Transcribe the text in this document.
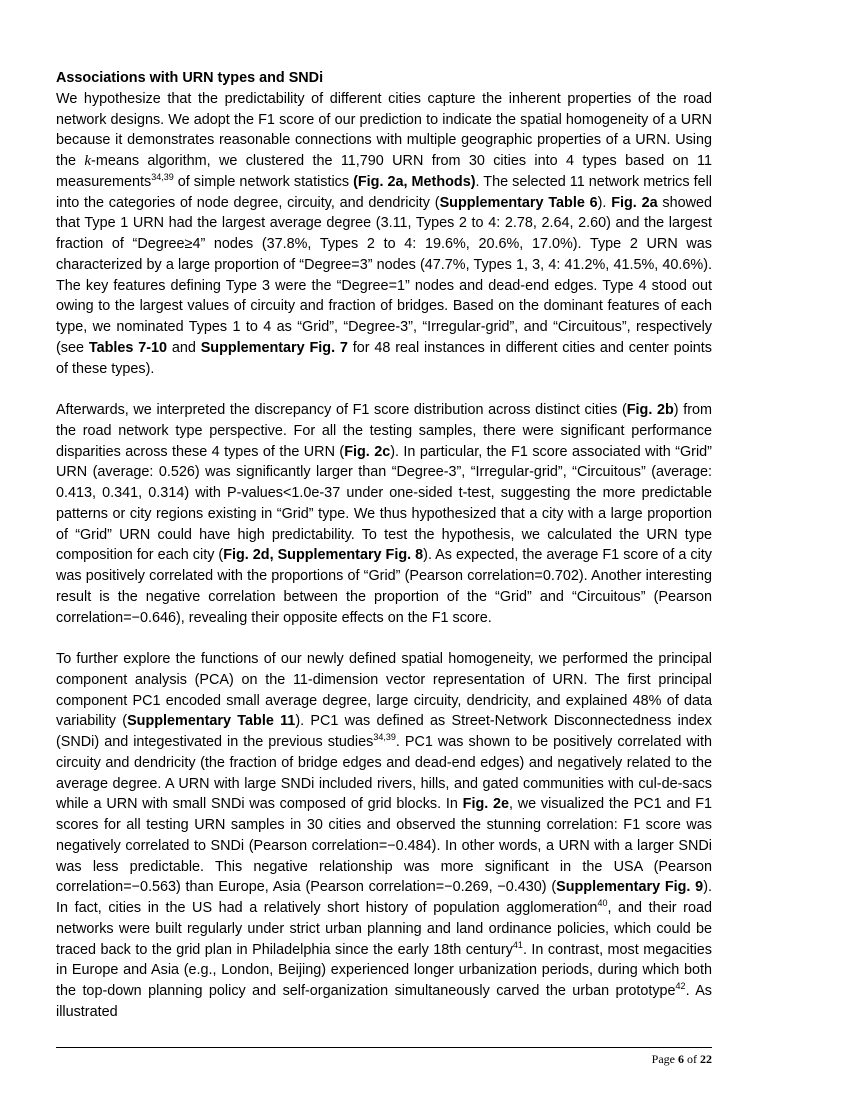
Associations with URN types and SNDi

We hypothesize that the predictability of different cities capture the inherent properties of the road network designs. We adopt the F1 score of our prediction to indicate the spatial homogeneity of a URN because it demonstrates reasonable connections with multiple geographic properties of a URN. Using the k-means algorithm, we clustered the 11,790 URN from 30 cities into 4 types based on 11 measurements$^{34,39}$ of simple network statistics (Fig. 2a, Methods). The selected 11 network metrics fell into the categories of node degree, circuity, and dendricity (Supplementary Table 6). Fig. 2a showed that Type 1 URN had the largest average degree (3.11, Types 2 to 4: 2.78, 2.64, 2.60) and the largest fraction of “Degree≥4” nodes (37.8%, Types 2 to 4: 19.6%, 20.6%, 17.0%). Type 2 URN was characterized by a large proportion of “Degree=3” nodes (47.7%, Types 1, 3, 4: 41.2%, 41.5%, 40.6%). The key features defining Type 3 were the “Degree=1” nodes and dead-end edges. Type 4 stood out owing to the largest values of circuity and fraction of bridges. Based on the dominant features of each type, we nominated Types 1 to 4 as “Grid”, “Degree-3”, “Irregular-grid”, and “Circuitous”, respectively (see Tables 7-10 and Supplementary Fig. 7 for 48 real instances in different cities and center points of these types).

Afterwards, we interpreted the discrepancy of F1 score distribution across distinct cities (Fig. 2b) from the road network type perspective. For all the testing samples, there were significant performance disparities across these 4 types of the URN (Fig. 2c). In particular, the F1 score associated with “Grid” URN (average: 0.526) was significantly larger than “Degree-3”, “Irregular-grid”, “Circuitous” (average: 0.413, 0.341, 0.314) with P-values<1.0e-37 under one-sided t-test, suggesting the more predictable patterns or city regions existing in “Grid” type. We thus hypothesized that a city with a large proportion of “Grid” URN could have high predictability. To test the hypothesis, we calculated the URN type composition for each city (Fig. 2d, Supplementary Fig. 8). As expected, the average F1 score of a city was positively correlated with the proportions of “Grid” (Pearson correlation=0.702). Another interesting result is the negative correlation between the proportion of the “Grid” and “Circuitous” (Pearson correlation=−0.646), revealing their opposite effects on the F1 score.

To further explore the functions of our newly defined spatial homogeneity, we performed the principal component analysis (PCA) on the 11-dimension vector representation of URN. The first principal component PC1 encoded small average degree, large circuity, dendricity, and explained 48% of data variability (Supplementary Table 11). PC1 was defined as Street-Network Disconnectedness index (SNDi) and integestivated in the previous studies$^{34,39}$. PC1 was shown to be positively correlated with circuity and dendricity (the fraction of bridge edges and dead-end edges) and negatively related to the average degree. A URN with large SNDi included rivers, hills, and gated communities with cul-de-sacs while a URN with small SNDi was composed of grid blocks. In Fig. 2e, we visualized the PC1 and F1 scores for all testing URN samples in 30 cities and observed the stunning correlation: F1 score was negatively correlated to SNDi (Pearson correlation=−0.484). In other words, a URN with a larger SNDi was less predictable. This negative relationship was more significant in the USA (Pearson correlation=−0.563) than Europe, Asia (Pearson correlation=−0.269, −0.430) (Supplementary Fig. 9). In fact, cities in the US had a relatively short history of population agglomeration$^{40}$, and their road networks were built regularly under strict urban planning and land ordinance policies, which could be traced back to the grid plan in Philadelphia since the early 18th century$^{41}$. In contrast, most megacities in Europe and Asia (e.g., London, Beijing) experienced longer urbanization periods, during which both the top-down planning policy and self-organization simultaneously carved the urban prototype$^{42}$. As illustrated

Page 6 of 22
